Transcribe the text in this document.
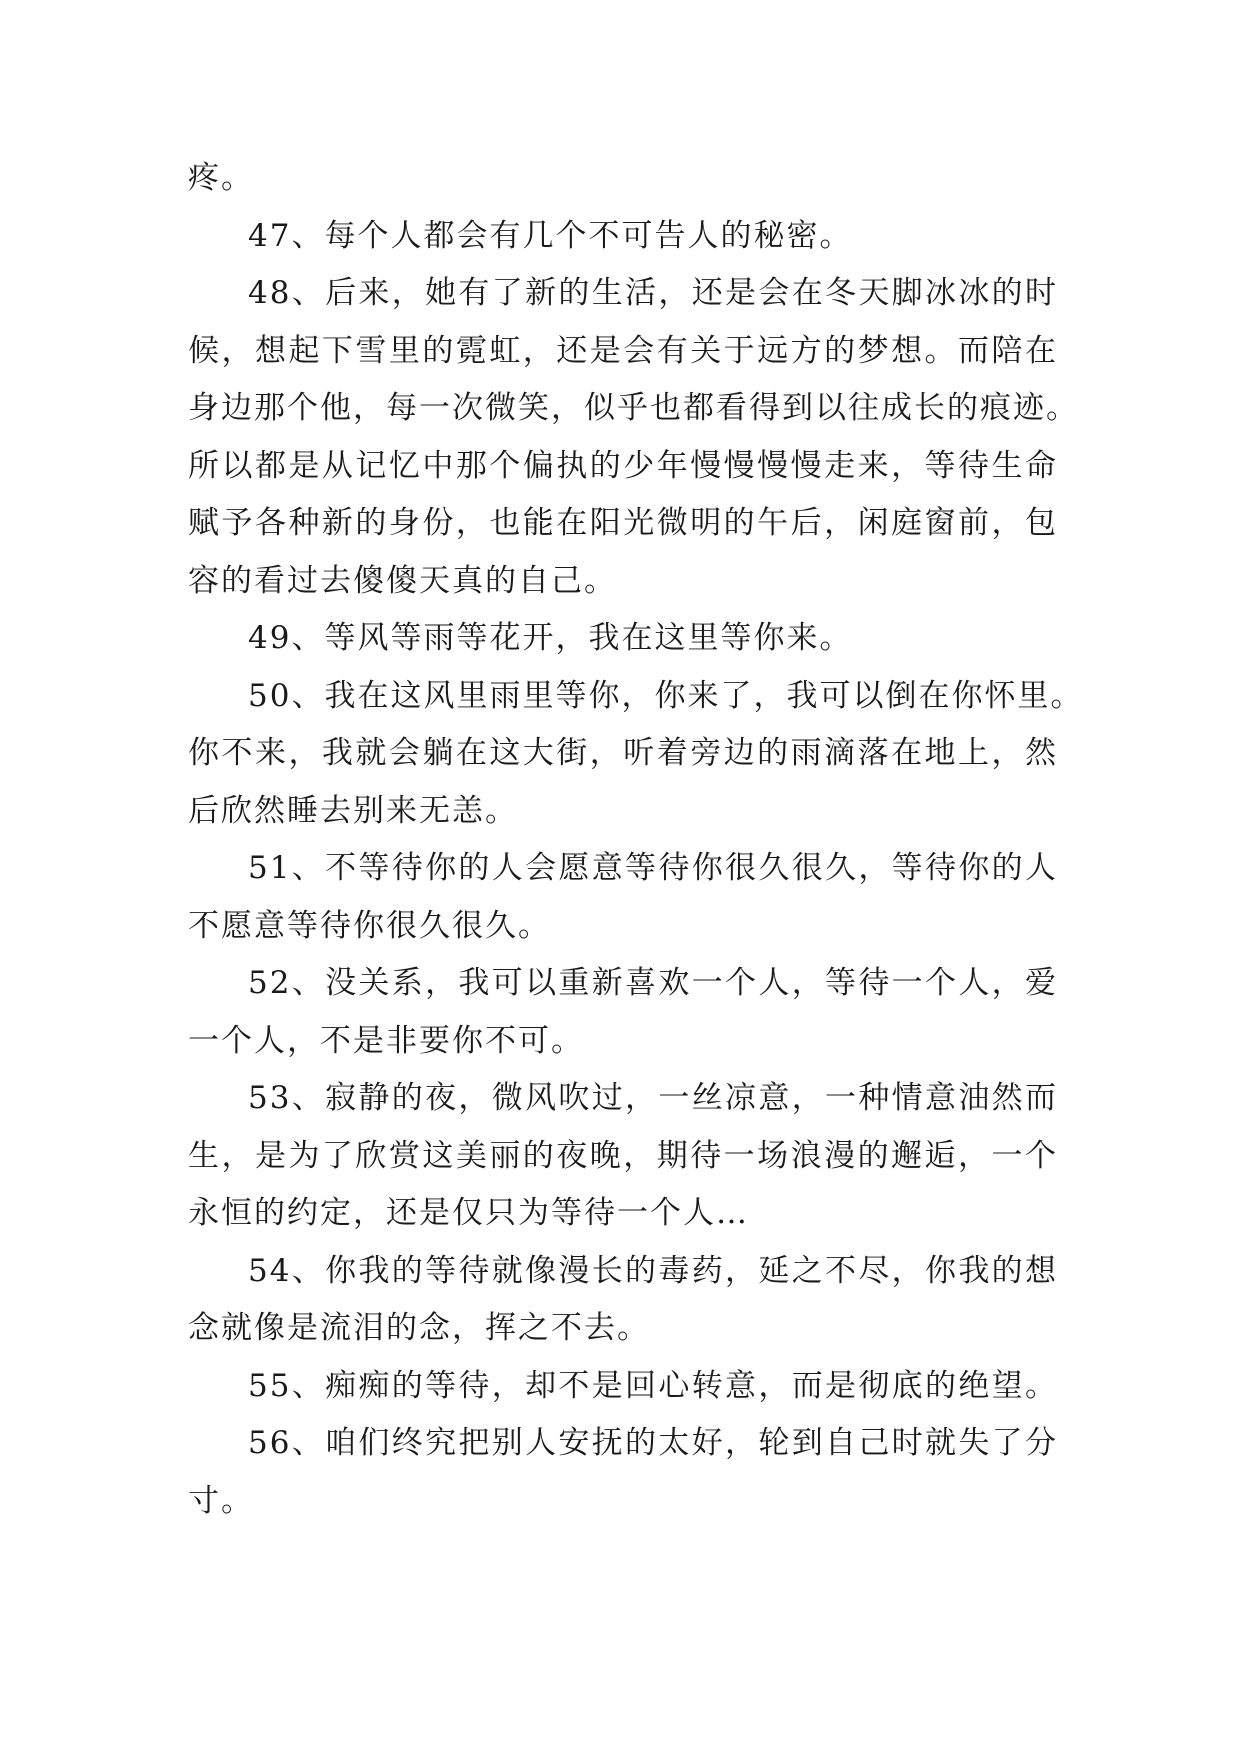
疼。
47、每个人都会有几个不可告人的秘密。
48、后来，她有了新的生活，还是会在冬天脚冰冰的时
候，想起下雪里的霓虹，还是会有关于远方的梦想。而陪在
身边那个他，每一次微笑，似乎也都看得到以往成长的痕迹。
所以都是从记忆中那个偏执的少年慢慢慢慢走来，等待生命
赋予各种新的身份，也能在阳光微明的午后，闲庭窗前，包
容的看过去傻傻天真的自己。
49、等风等雨等花开，我在这里等你来。
50、我在这风里雨里等你，你来了，我可以倒在你怀里。
你不来，我就会躺在这大街，听着旁边的雨滴落在地上，然
后欣然睡去别来无恙。
51、不等待你的人会愿意等待你很久很久，等待你的人
不愿意等待你很久很久。
52、没关系，我可以重新喜欢一个人，等待一个人，爱
一个人，不是非要你不可。
53、寂静的夜，微风吹过，一丝凉意，一种情意油然而
生，是为了欣赏这美丽的夜晚，期待一场浪漫的邂逅，一个
永恒的约定，还是仅只为等待一个人…
54、你我的等待就像漫长的毒药，延之不尽，你我的想
念就像是流泪的念，挥之不去。
55、痴痴的等待，却不是回心转意，而是彻底的绝望。
56、咱们终究把别人安抚的太好，轮到自己时就失了分
寸。
